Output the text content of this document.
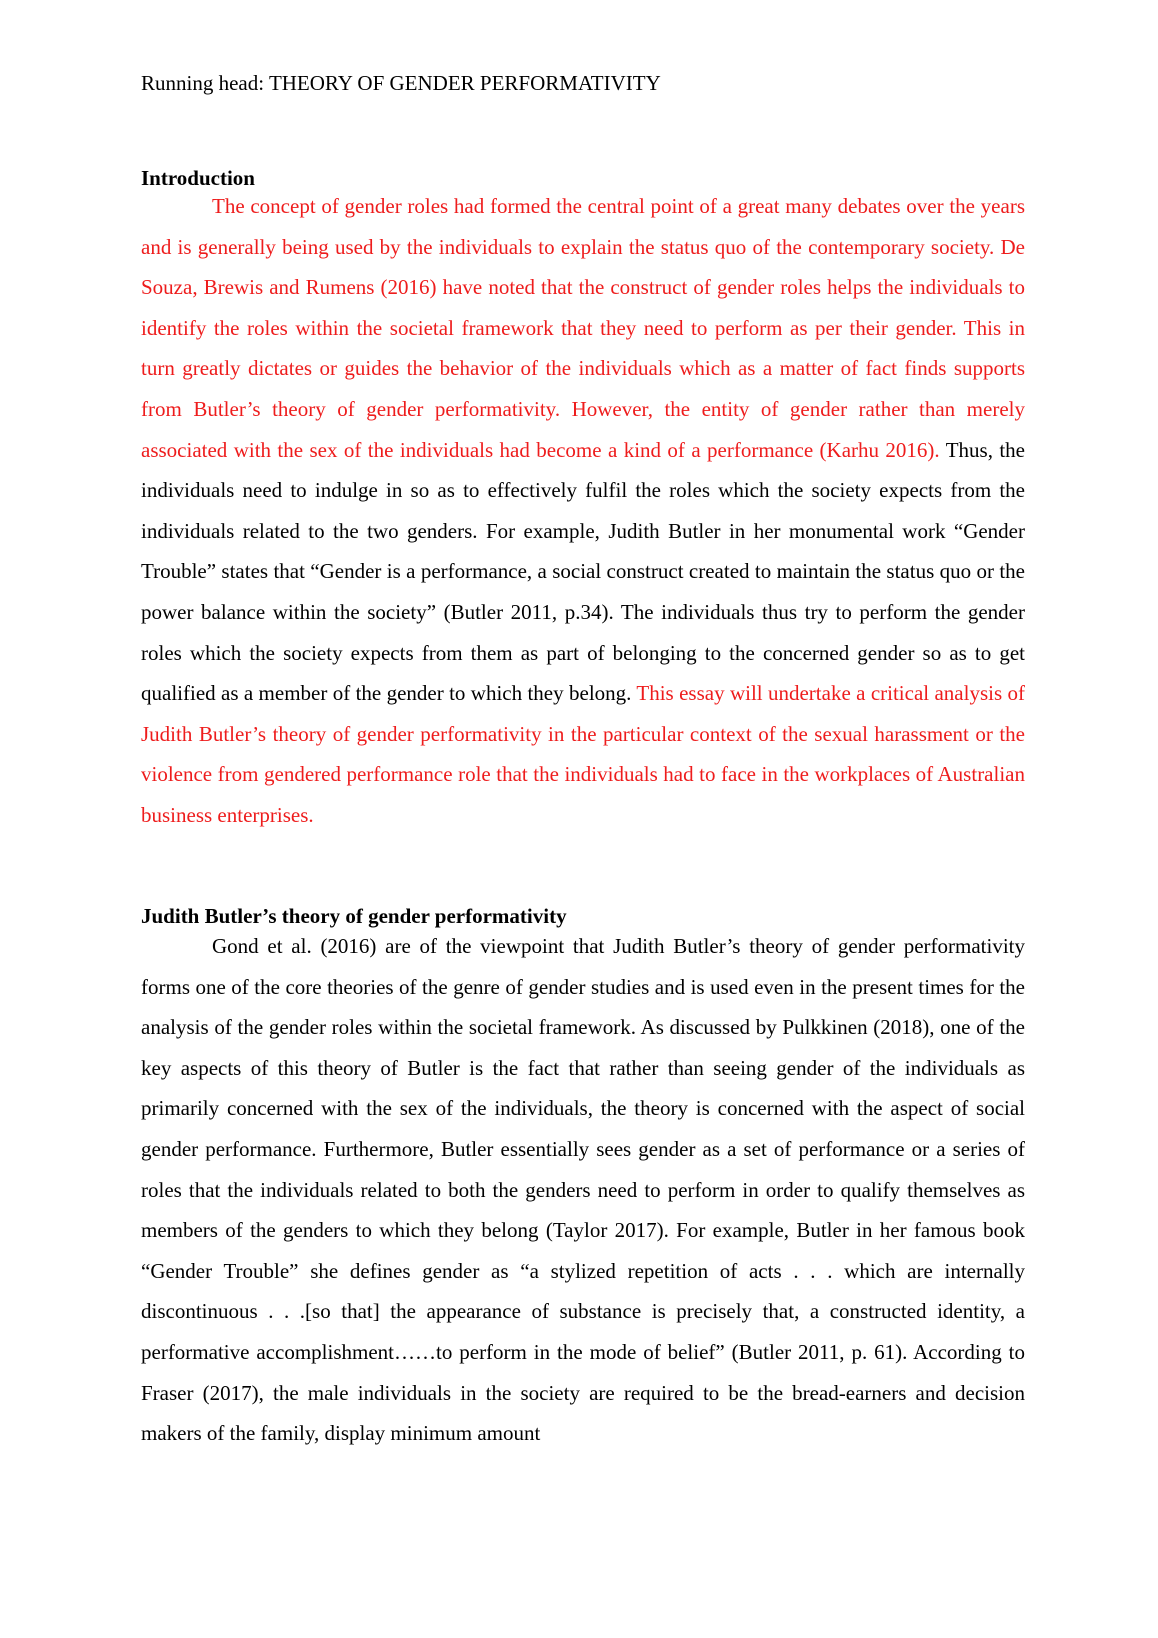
Running head: THEORY OF GENDER PERFORMATIVITY
Introduction

The concept of gender roles had formed the central point of a great many debates over the years and is generally being used by the individuals to explain the status quo of the contemporary society. De Souza, Brewis and Rumens (2016) have noted that the construct of gender roles helps the individuals to identify the roles within the societal framework that they need to perform as per their gender. This in turn greatly dictates or guides the behavior of the individuals which as a matter of fact finds supports from Butler’s theory of gender performativity. However, the entity of gender rather than merely associated with the sex of the individuals had become a kind of a performance (Karhu 2016). Thus, the individuals need to indulge in so as to effectively fulfil the roles which the society expects from the individuals related to the two genders. For example, Judith Butler in her monumental work “Gender Trouble” states that “Gender is a performance, a social construct created to maintain the status quo or the power balance within the society” (Butler 2011, p.34). The individuals thus try to perform the gender roles which the society expects from them as part of belonging to the concerned gender so as to get qualified as a member of the gender to which they belong. This essay will undertake a critical analysis of Judith Butler’s theory of gender performativity in the particular context of the sexual harassment or the violence from gendered performance role that the individuals had to face in the workplaces of Australian business enterprises.

Judith Butler’s theory of gender performativity

Gond et al. (2016) are of the viewpoint that Judith Butler’s theory of gender performativity forms one of the core theories of the genre of gender studies and is used even in the present times for the analysis of the gender roles within the societal framework. As discussed by Pulkkinen (2018), one of the key aspects of this theory of Butler is the fact that rather than seeing gender of the individuals as primarily concerned with the sex of the individuals, the theory is concerned with the aspect of social gender performance. Furthermore, Butler essentially sees gender as a set of performance or a series of roles that the individuals related to both the genders need to perform in order to qualify themselves as members of the genders to which they belong (Taylor 2017). For example, Butler in her famous book “Gender Trouble” she defines gender as “a stylized repetition of acts . . . which are internally discontinuous . . .[so that] the appearance of substance is precisely that, a constructed identity, a performative accomplishment……to perform in the mode of belief” (Butler 2011, p. 61). According to Fraser (2017), the male individuals in the society are required to be the bread-earners and decision makers of the family, display minimum amount
